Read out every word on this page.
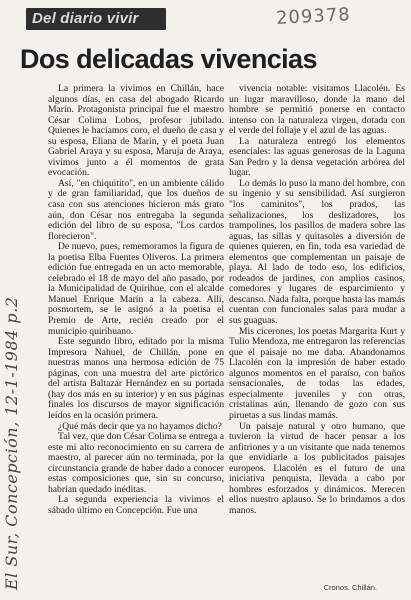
Del diario vivir	209378
Dos delicadas vivencias

La primera la vivimos en Chillán, hace algunos días, en casa del abogado Ricardo Marín. Protagonista principal fue el maestro César Colima Lobos, profesor jubilado. Quienes le hacíamos coro, el dueño de casa y su esposa, Eliana de Marín, y el poeta Juan Gabriel Araya y su esposa, Maruja de Araya, vivimos junto a él momentos de grata evocación.

Así, "en chiquitito", en un ambiente cálido y de gran familiaridad, que los dueños de casa con sus atenciones hicieron más grato aún, don César nos entregaba la segunda edición del libro de su esposa, "Los cardos florecieron".

De nuevo, pues, rememoramos la figura de la poetisa Elba Fuentes Oliveros. La primera edición fue entregada en un acto memorable, celebrado el 18 de mayo del año pasado, por la Municipalidad de Quirihue, con el alcalde Manuel Enrique Marín a la cabeza. Allí, posmortem, se le asignó a la poetisa el Premio de Arte, recién creado por el municipio quirihuano.

Este segundo libro, editado por la misma Impresora Nahuel, de Chillán, pone en nuestras manos una hermosa edición de 75 páginas, con una muestra del arte pictórico del artista Baltazar Hernández en su portada (hay dos más en su interior) y en sus páginas finales los discursos de mayor significación leídos en la ocasión primera.

¿Qué más decir que ya no hayamos dicho?

Tal vez, que don César Colima se entrega a este mi alto reconocimiento en su carrera de maestro, al parecer aún no terminada, por la circunstancia grande de haber dado a conocer estas composiciones que, sin su concurso, habrían quedado inéditas.

La segunda experiencia la vivimos el sábado último en Concepción. Fue una

vivencia notable: visitamos Llacolén. Es un lugar maravilloso, donde la mano del hombre se permitió ponerse en contacto intenso con la naturaleza virgen, dotada con el verde del follaje y el azul de las aguas.

La naturaleza entregó los elementos esenciales: las aguas generosas de la Laguna San Pedro y la densa vegetación arbórea del lugar.

Lo demás lo puso la mano del hombre, con su ingenio y su sensibilidad. Así surgieron "los caminitos", los prados, las señalizaciones, los deslizadores, los trampolines, los pasillos de madera sobre las aguas, las sillas y quitasoles a diversión de quienes quieren, en fin, toda esa variedad de elementos que complementan un paisaje de playa. Al lado de todo eso, los edificios, rodeados de jardines, con amplios casinos, comedores y lugares de esparcimiento y descanso. Nada falta, porque hasta las mamás cuentan con funcionales salas para mudar a sus guaguas.

Mis cicerones, los poetas Margarita Kurt y Tulio Mendoza, me entregaron las referencias que el paisaje no me daba. Abandonamos Llacolén con la impresión de haber estado algunos momentos en el paraíso, con baños sensacionales, de todas las edades, especialmente juveniles y con otras, cristalinas aún, llenando de gozo con sus piruetas a sus lindas mamás.

Un paisaje natural y otro humano, que tuvieron la virtud de hacer pensar a los anfitriones y a un visitante que nada tenemos que envidiarle a los publicitados paisajes europeos. Llacolén es el futuro de una iniciativa penquista, llevada a cabo por hombres esforzados y dinámicos. Merecen ellos nuestro aplauso. Se lo brindamos a dos manos.

Cronos. Chillán.
El Sur, Concepción, 12-1-1984 p.2
